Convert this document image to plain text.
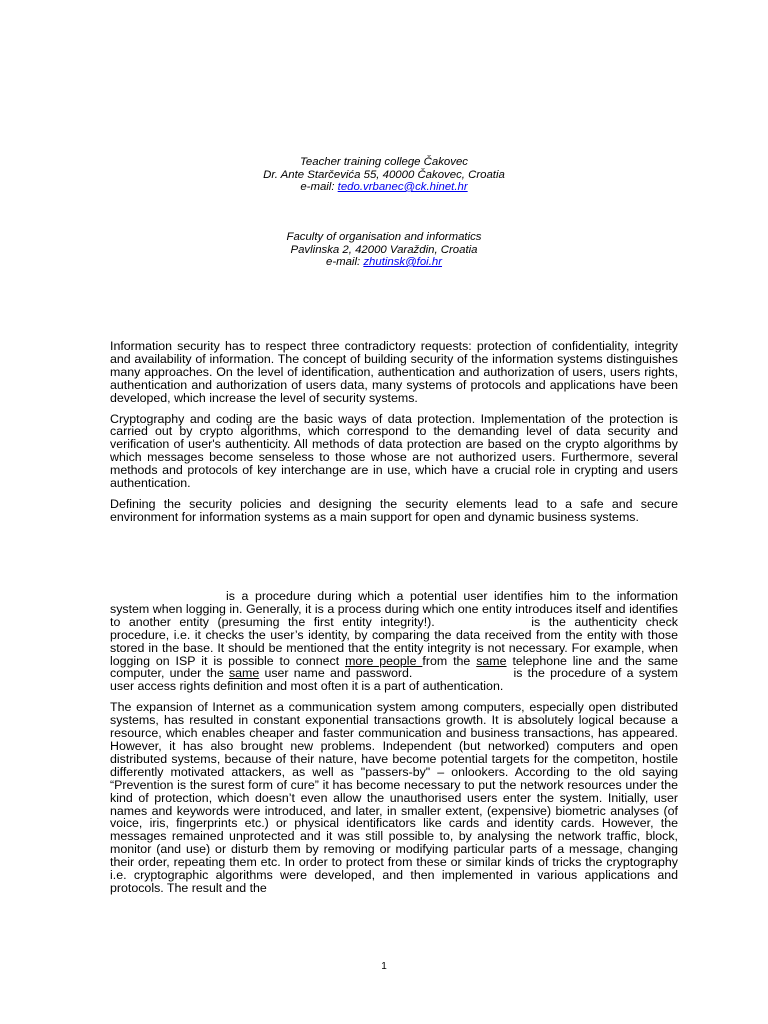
Teacher training college Čakovec
Dr. Ante Starčevića 55, 40000 Čakovec, Croatia
e-mail: tedo.vrbanec@ck.hinet.hr
Faculty of organisation and informatics
Pavlinska 2, 42000 Varaždin, Croatia
e-mail: zhutinsk@foi.hr

Information security has to respect three contradictory requests: protection of confidentiality, integrity and availability of information. The concept of building security of the information systems distinguishes many approaches. On the level of identification, authentication and authorization of users, users rights, authentication and authorization of users data, many systems of protocols and applications have been developed, which increase the level of security systems.

Cryptography and coding are the basic ways of data protection. Implementation of the protection is carried out by crypto algorithms, which correspond to the demanding level of data security and verification of user's authenticity. All methods of data protection are based on the crypto algorithms by which messages become senseless to those whose are not authorized users. Furthermore, several methods and protocols of key interchange are in use, which have a crucial role in crypting and users authentication.

Defining the security policies and designing the security elements lead to a safe and secure environment for information systems as a main support for open and dynamic business systems.

is a procedure during which a potential user identifies him to the information system when logging in. Generally, it is a process during which one entity introduces itself and identifies to another entity (presuming the first entity integrity!).	is the authenticity check procedure, i.e. it checks the user’s identity, by comparing the data received from the entity with those stored in the base. It should be mentioned that the entity integrity is not necessary. For example, when logging on ISP it is possible to connect more people from the same telephone line and the same computer, under the same user name and password.	is the procedure of a system user access rights definition and most often it is a part of authentication.

The expansion of Internet as a communication system among computers, especially open distributed systems, has resulted in constant exponential transactions growth. It is absolutely logical because a resource, which enables cheaper and faster communication and business transactions, has appeared. However, it has also brought new problems. Independent (but networked) computers and open distributed systems, because of their nature, have become potential targets for the competiton, hostile differently motivated attackers, as well as "passers-by" – onlookers. According to the old saying “Prevention is the surest form of cure” it has become necessary to put the network resources under the kind of protection, which doesn’t even allow the unauthorised users enter the system. Initially, user names and keywords were introduced, and later, in smaller extent, (expensive) biometric analyses (of voice, iris, fingerprints etc.) or physical identificators like cards and identity cards. However, the messages remained unprotected and it was still possible to, by analysing the network traffic, block, monitor (and use) or disturb them by removing or modifying particular parts of a message, changing their order, repeating them etc. In order to protect from these or similar kinds of tricks the cryptography i.e. cryptographic algorithms were developed, and then implemented in various applications and protocols. The result and the

1
